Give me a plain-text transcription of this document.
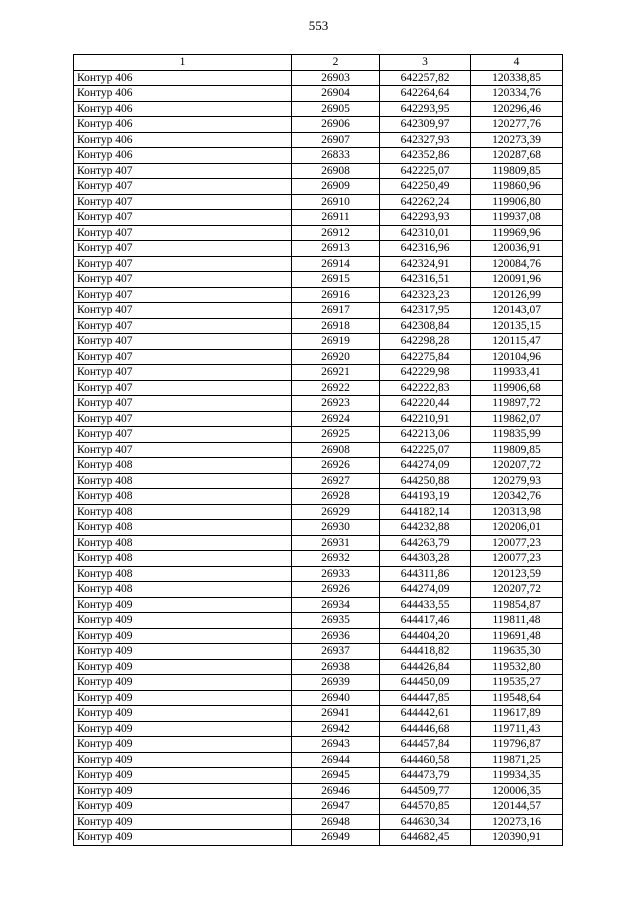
553
1	2	3	4
Контур 406	26903	642257,82	120338,85
Контур 406	26904	642264,64	120334,76
Контур 406	26905	642293,95	120296,46
Контур 406	26906	642309,97	120277,76
Контур 406	26907	642327,93	120273,39
Контур 406	26833	642352,86	120287,68
Контур 407	26908	642225,07	119809,85
Контур 407	26909	642250,49	119860,96
Контур 407	26910	642262,24	119906,80
Контур 407	26911	642293,93	119937,08
Контур 407	26912	642310,01	119969,96
Контур 407	26913	642316,96	120036,91
Контур 407	26914	642324,91	120084,76
Контур 407	26915	642316,51	120091,96
Контур 407	26916	642323,23	120126,99
Контур 407	26917	642317,95	120143,07
Контур 407	26918	642308,84	120135,15
Контур 407	26919	642298,28	120115,47
Контур 407	26920	642275,84	120104,96
Контур 407	26921	642229,98	119933,41
Контур 407	26922	642222,83	119906,68
Контур 407	26923	642220,44	119897,72
Контур 407	26924	642210,91	119862,07
Контур 407	26925	642213,06	119835,99
Контур 407	26908	642225,07	119809,85
Контур 408	26926	644274,09	120207,72
Контур 408	26927	644250,88	120279,93
Контур 408	26928	644193,19	120342,76
Контур 408	26929	644182,14	120313,98
Контур 408	26930	644232,88	120206,01
Контур 408	26931	644263,79	120077,23
Контур 408	26932	644303,28	120077,23
Контур 408	26933	644311,86	120123,59
Контур 408	26926	644274,09	120207,72
Контур 409	26934	644433,55	119854,87
Контур 409	26935	644417,46	119811,48
Контур 409	26936	644404,20	119691,48
Контур 409	26937	644418,82	119635,30
Контур 409	26938	644426,84	119532,80
Контур 409	26939	644450,09	119535,27
Контур 409	26940	644447,85	119548,64
Контур 409	26941	644442,61	119617,89
Контур 409	26942	644446,68	119711,43
Контур 409	26943	644457,84	119796,87
Контур 409	26944	644460,58	119871,25
Контур 409	26945	644473,79	119934,35
Контур 409	26946	644509,77	120006,35
Контур 409	26947	644570,85	120144,57
Контур 409	26948	644630,34	120273,16
Контур 409	26949	644682,45	120390,91
